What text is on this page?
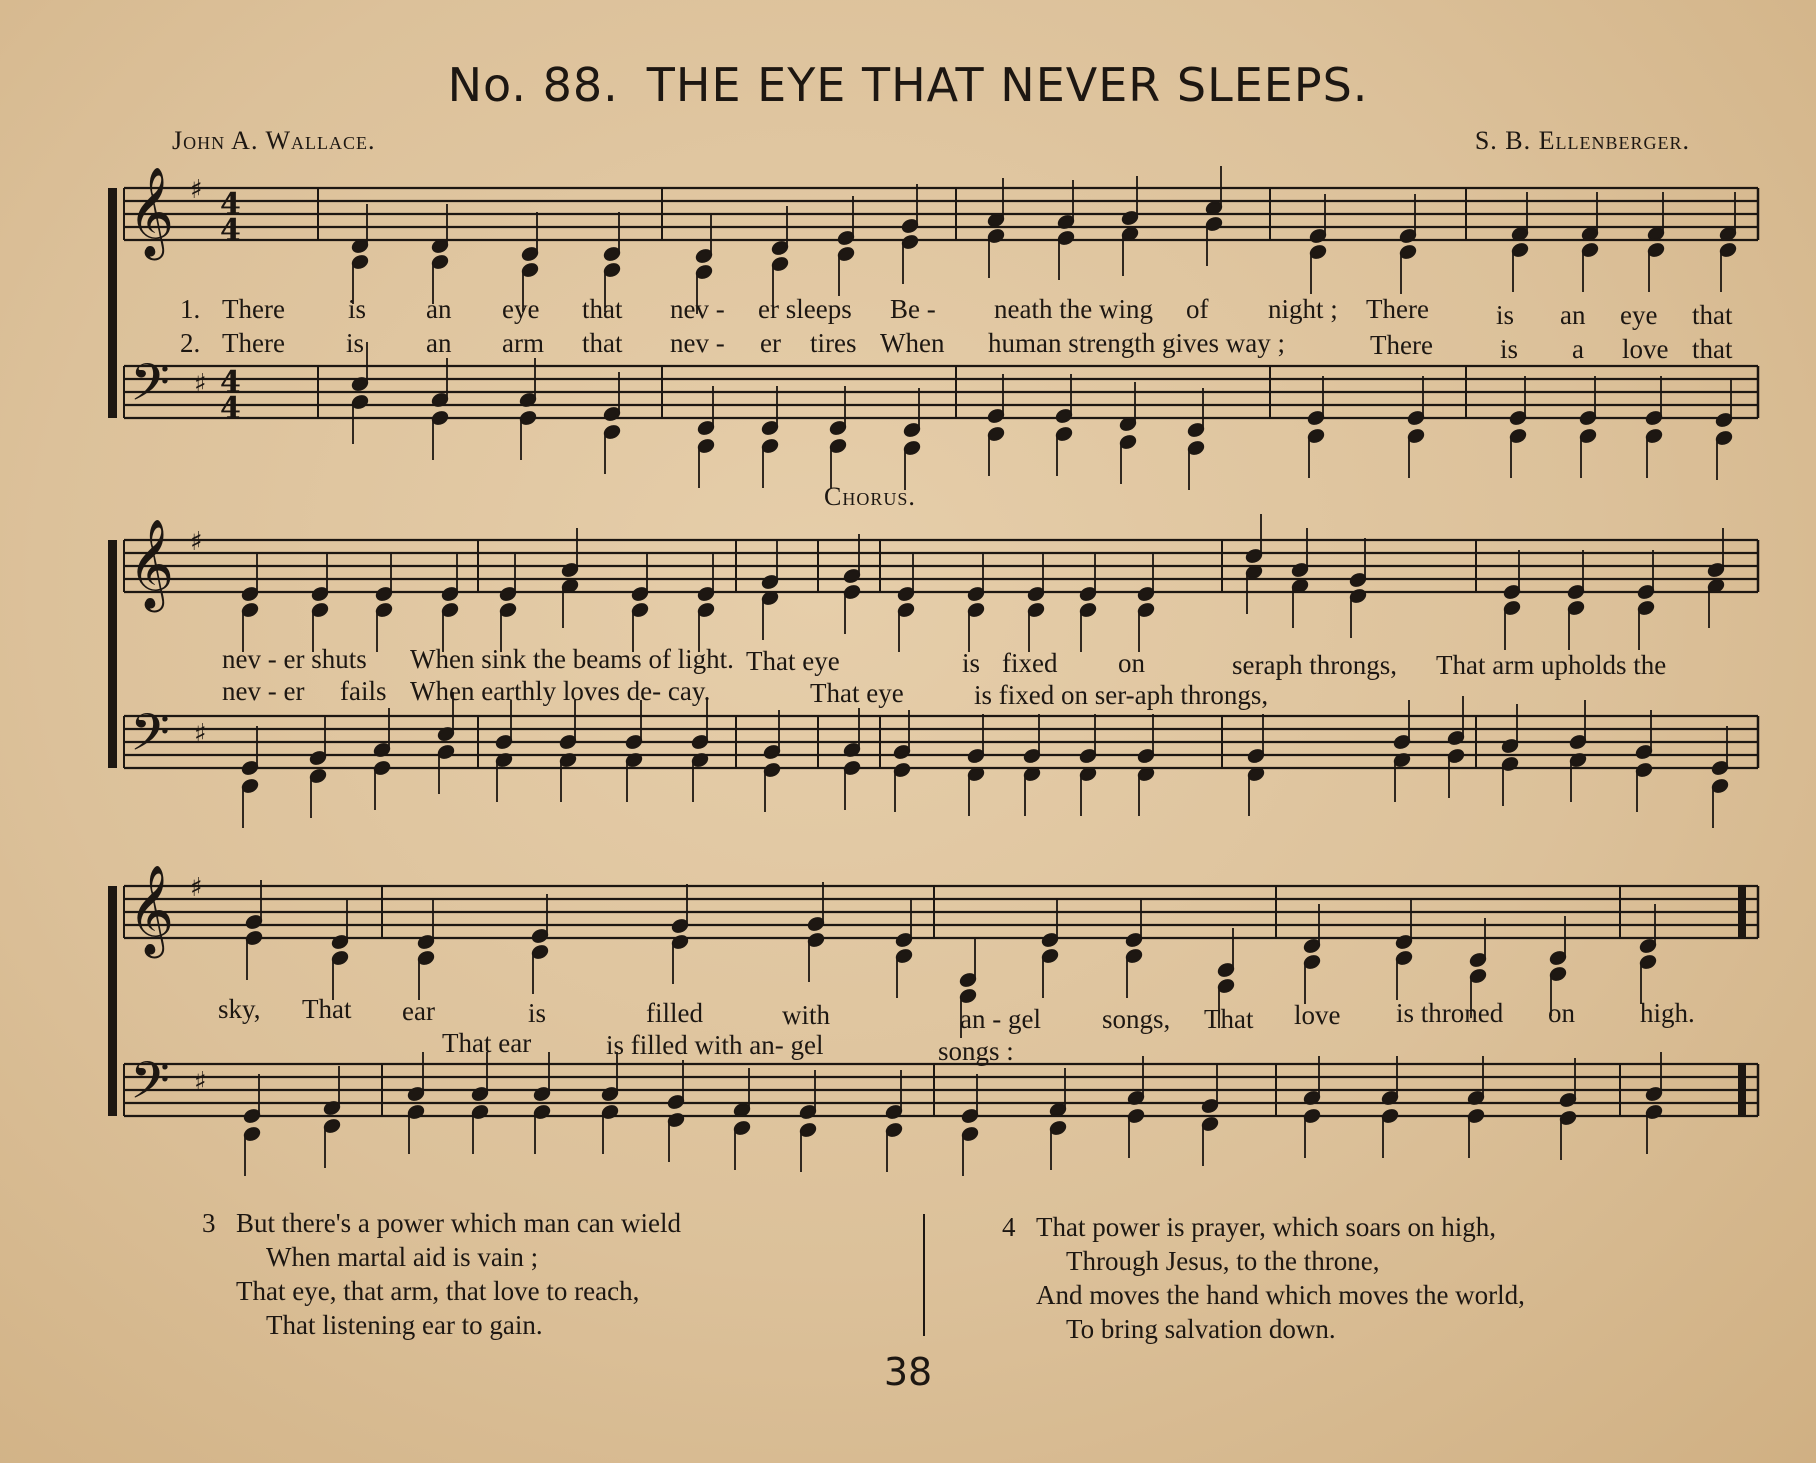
No. 88. THE EYE THAT NEVER SLEEPS.
John A. Wallace.	S. B. Ellenberger.
𝄞
𝄢
♯
♯
4
4
4
4
𝄞
𝄢
♯
♯
𝄞
𝄢
♯
♯
1. There is an eye that nev - er sleeps Be - neath the wing of night ; There is an eye that
2. There is an arm that nev - er tires When human strength gives way ;	There is a love that
Chorus.
nev - er shuts When sink the beams of light. That eye	is fixed on	seraph throngs, That arm upholds the
nev - er fails When earthly loves de- cay.	That eye	is fixed on ser-aph throngs,
sky, That ear	is	filled	with	an - gel songs, That love is throned on high.
That ear	is filled with an- gel	songs :
3 But there's a power which man can wield
When martal aid is vain ;
That eye, that arm, that love to reach,
That listening ear to gain.
4 That power is prayer, which soars on high,
Through Jesus, to the throne,
And moves the hand which moves the world,
To bring salvation down.
38
